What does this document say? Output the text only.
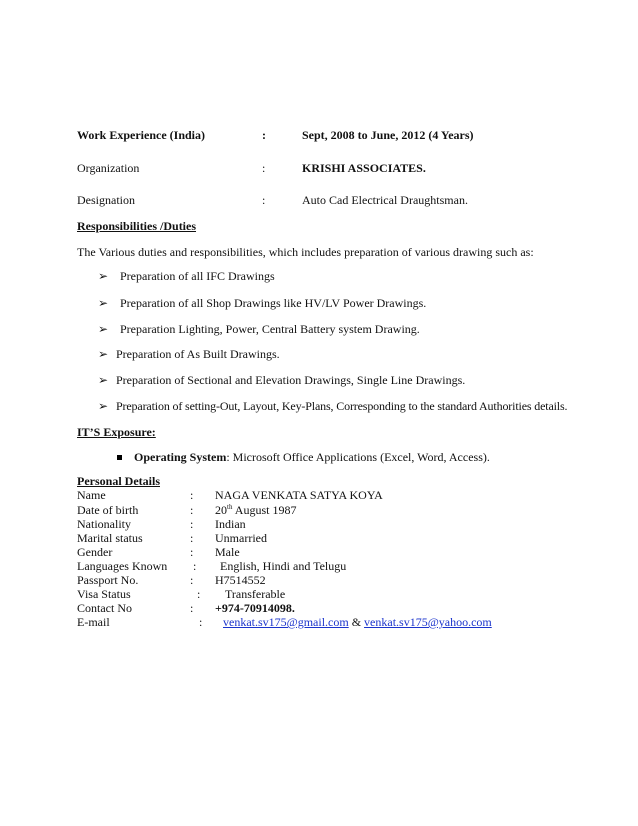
Work Experience (India)	:	Sept, 2008 to June, 2012 (4 Years)
Organization	:	KRISHI ASSOCIATES.
Designation	:	Auto Cad Electrical Draughtsman.
Responsibilities /Duties
The Various duties and responsibilities, which includes preparation of various drawing such as:
➢ Preparation of all IFC Drawings
➢ Preparation of all Shop Drawings like HV/LV Power Drawings.
➢ Preparation Lighting, Power, Central Battery system Drawing.
➢ Preparation of As Built Drawings.
➢ Preparation of Sectional and Elevation Drawings, Single Line Drawings.
➢ Preparation of setting-Out, Layout, Key-Plans, Corresponding to the standard Authorities details.
IT’S Exposure:
Operating System: Microsoft Office Applications (Excel, Word, Access).
Personal Details
Name	: NAGA VENKATA SATYA KOYA
Date of birth	: 20th August 1987
Nationality	: Indian
Marital status	: Unmarried
Gender	: Male
Languages Known : English, Hindi and Telugu
Passport No.	: H7514552
Visa Status	: Transferable
Contact No	: +974-70914098.
E-mail	: venkat.sv175@gmail.com & venkat.sv175@yahoo.com
